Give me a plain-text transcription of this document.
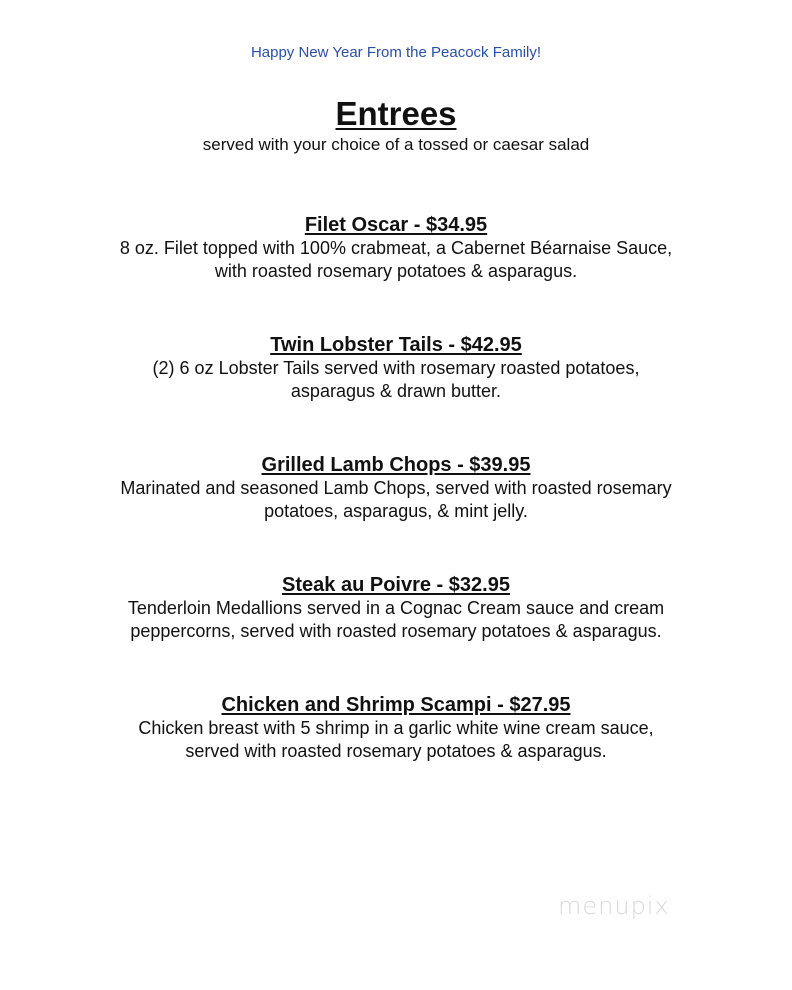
Happy New Year From the Peacock Family!
Entrees
served with your choice of a tossed or caesar salad

Filet Oscar - $34.95

8 oz. Filet topped with 100% crabmeat, a Cabernet Béarnaise Sauce,

with roasted rosemary potatoes & asparagus.

Twin Lobster Tails - $42.95

(2) 6 oz Lobster Tails served with rosemary roasted potatoes,

asparagus & drawn butter.

Grilled Lamb Chops - $39.95

Marinated and seasoned Lamb Chops, served with roasted rosemary

potatoes, asparagus, & mint jelly.

Steak au Poivre - $32.95

Tenderloin Medallions served in a Cognac Cream sauce and cream

peppercorns, served with roasted rosemary potatoes & asparagus.

Chicken and Shrimp Scampi - $27.95

Chicken breast with 5 shrimp in a garlic white wine cream sauce,

served with roasted rosemary potatoes & asparagus.

menupix
